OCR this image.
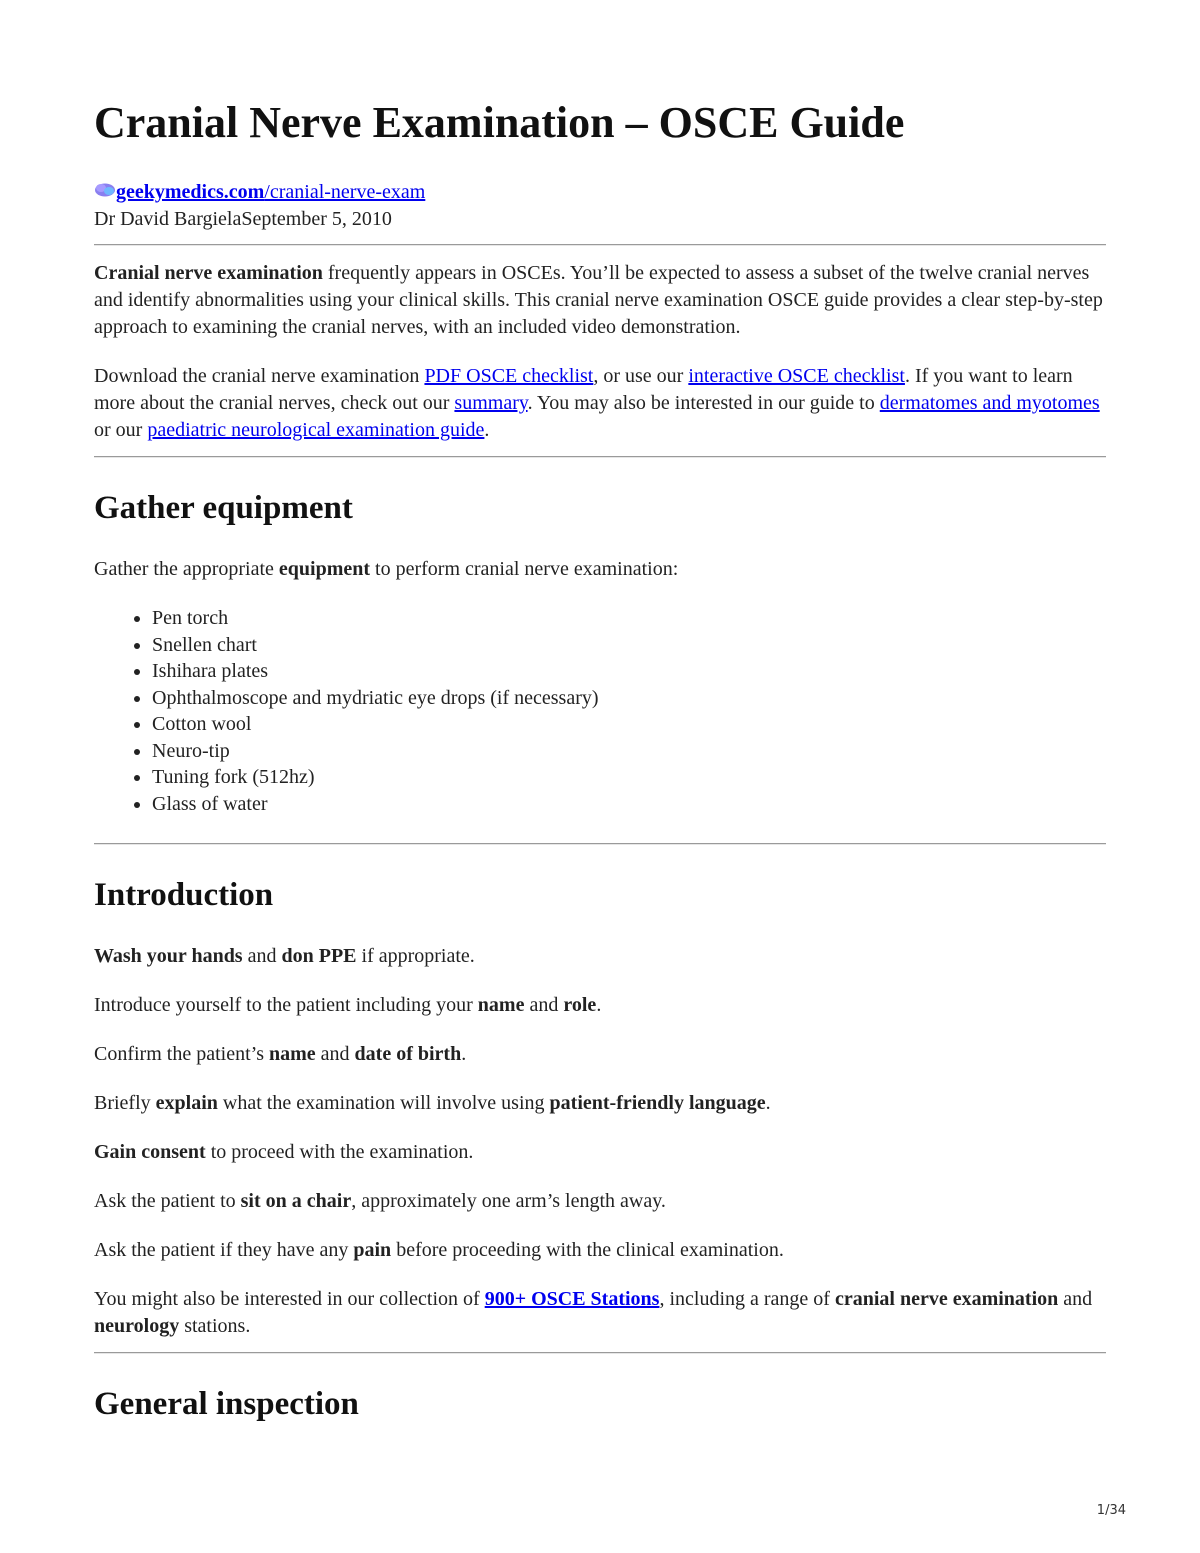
Cranial Nerve Examination – OSCE Guide
geekymedics.com/cranial-nerve-exam
Dr David BargielaSeptember 5, 2010

Cranial nerve examination frequently appears in OSCEs. You’ll be expected to assess a subset of the twelve cranial nerves and identify abnormalities using your clinical skills. This cranial nerve examination OSCE guide provides a clear step-by-step approach to examining the cranial nerves, with an included video demonstration.

Download the cranial nerve examination PDF OSCE checklist, or use our interactive OSCE checklist. If you want to learn more about the cranial nerves, check out our summary. You may also be interested in our guide to dermatomes and myotomes or our paediatric neurological examination guide.

Gather equipment

Gather the appropriate equipment to perform cranial nerve examination:

• Pen torch
• Snellen chart
• Ishihara plates
• Ophthalmoscope and mydriatic eye drops (if necessary)
• Cotton wool
• Neuro-tip
• Tuning fork (512hz)
• Glass of water
Introduction

Wash your hands and don PPE if appropriate.

Introduce yourself to the patient including your name and role.

Confirm the patient’s name and date of birth.

Briefly explain what the examination will involve using patient-friendly language.

Gain consent to proceed with the examination.

Ask the patient to sit on a chair, approximately one arm’s length away.

Ask the patient if they have any pain before proceeding with the clinical examination.

You might also be interested in our collection of 900+ OSCE Stations, including a range of cranial nerve examination and neurology stations.

General inspection
1/34
